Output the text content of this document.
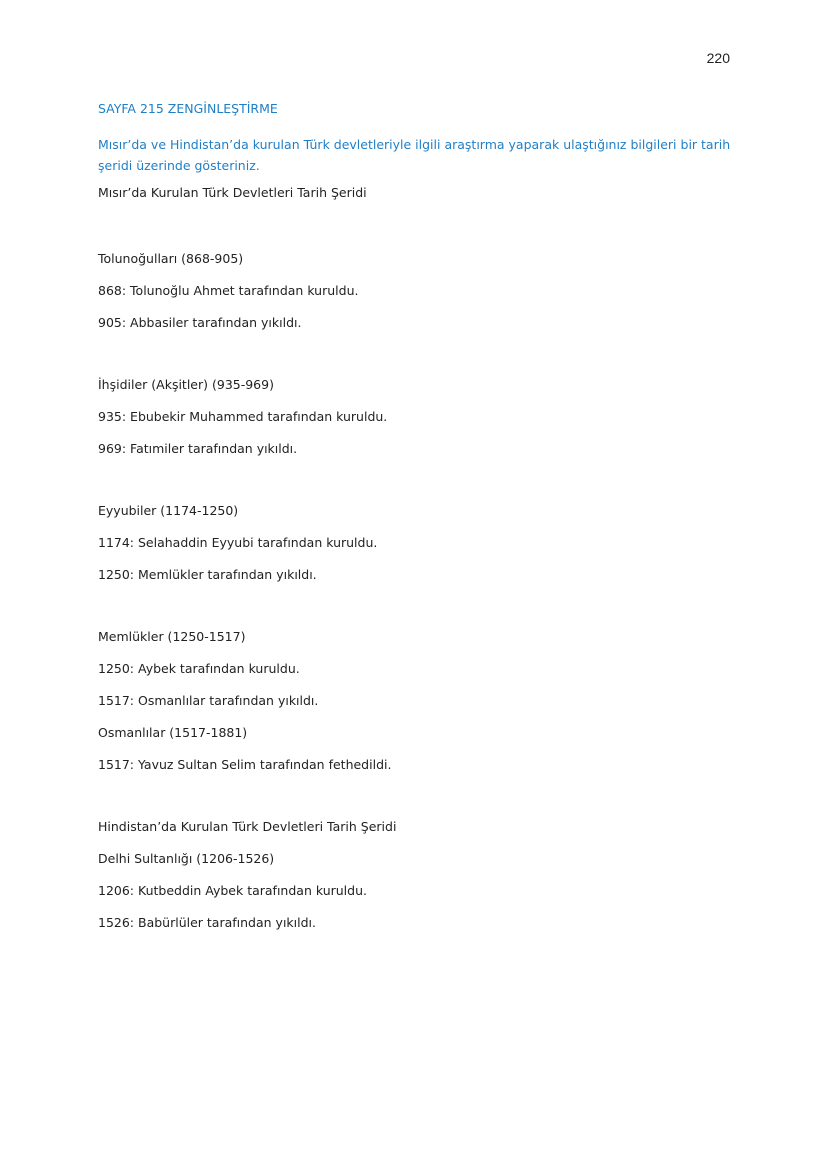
220
SAYFA 215 ZENGİNLEŞTİRME
Mısır’da ve Hindistan’da kurulan Türk devletleriyle ilgili araştırma yaparak ulaştığınız bilgileri bir tarih şeridi üzerinde gösteriniz.
Mısır’da Kurulan Türk Devletleri Tarih Şeridi
Tolunoğulları (868-905)
868: Tolunoğlu Ahmet tarafından kuruldu.
905: Abbasiler tarafından yıkıldı.
İhşidiler (Akşitler) (935-969)
935: Ebubekir Muhammed tarafından kuruldu.
969: Fatımiler tarafından yıkıldı.
Eyyubiler (1174-1250)
1174: Selahaddin Eyyubi tarafından kuruldu.
1250: Memlükler tarafından yıkıldı.
Memlükler (1250-1517)
1250: Aybek tarafından kuruldu.
1517: Osmanlılar tarafından yıkıldı.
Osmanlılar (1517-1881)
1517: Yavuz Sultan Selim tarafından fethedildi.
Hindistan’da Kurulan Türk Devletleri Tarih Şeridi
Delhi Sultanlığı (1206-1526)
1206: Kutbeddin Aybek tarafından kuruldu.
1526: Babürlüler tarafından yıkıldı.
